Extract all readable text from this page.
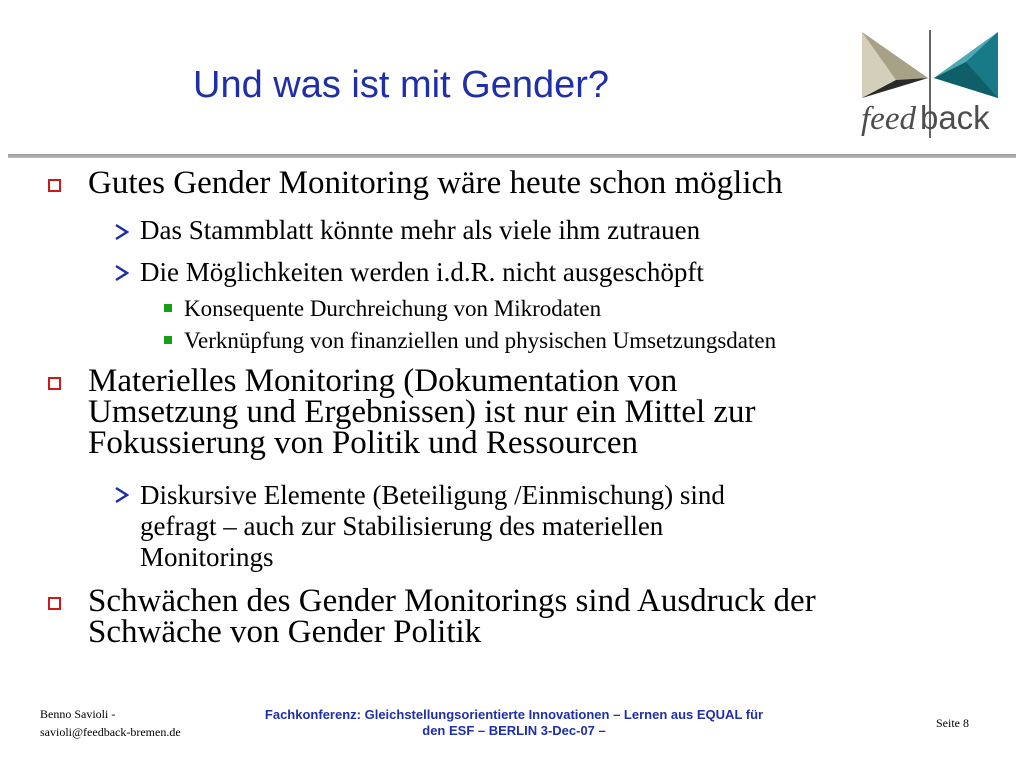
Und was ist mit Gender?
feed back
Gutes Gender Monitoring wäre heute schon möglich
Das Stammblatt könnte mehr als viele ihm zutrauen
Die Möglichkeiten werden i.d.R. nicht ausgeschöpft
Konsequente Durchreichung von Mikrodaten
Verknüpfung von finanziellen und physischen Umsetzungsdaten
Materielles Monitoring (Dokumentation von
Umsetzung und Ergebnissen) ist nur ein Mittel zur
Fokussierung von Politik und Ressourcen
Diskursive Elemente (Beteiligung /Einmischung) sind
gefragt – auch zur Stabilisierung des materiellen
Monitorings
Schwächen des Gender Monitorings sind Ausdruck der
Schwäche von Gender Politik
Benno Savioli -
savioli@feedback-bremen.de
Fachkonferenz: Gleichstellungsorientierte Innovationen – Lernen aus EQUAL für
den ESF – BERLIN 3-Dec-07 –	Seite 8
